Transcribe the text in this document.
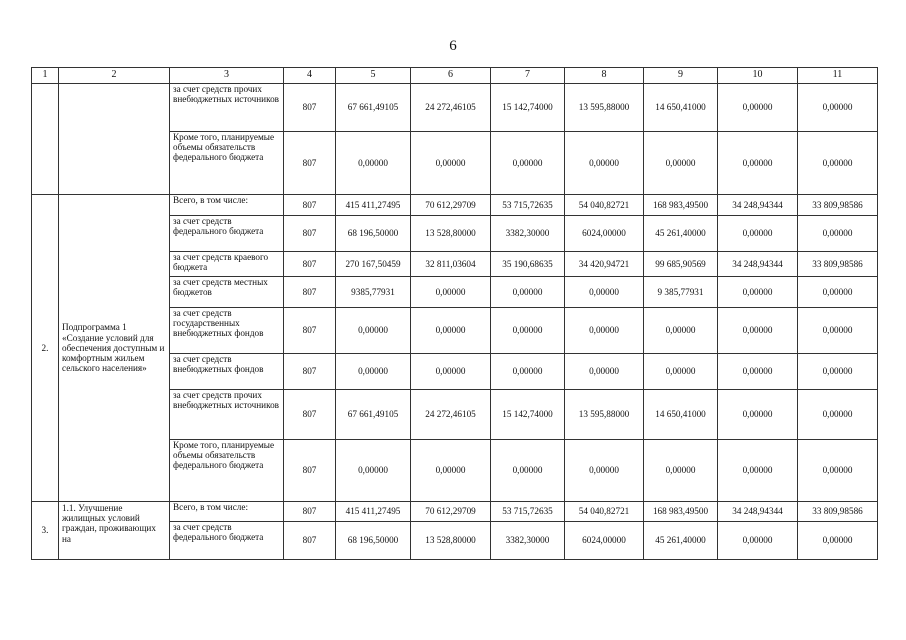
6
1	2	3	4	5	6	7	8	9	10	11
		за счет средств прочих внебюджетных источников	807	67 661,49105	24 272,46105	15 142,74000	13 595,88000	14 650,41000	0,00000	0,00000
		Кроме того, планируемые объемы обязательств федерального бюджета	807	0,00000	0,00000	0,00000	0,00000	0,00000	0,00000	0,00000
2.	Подпрограмма 1 «Создание условий для обеспечения доступным и комфортным жильем сельского населения»	Всего, в том числе:	807	415 411,27495	70 612,29709	53 715,72635	54 040,82721	168 983,49500	34 248,94344	33 809,98586
		за счет средств федерального бюджета	807	68 196,50000	13 528,80000	3382,30000	6024,00000	45 261,40000	0,00000	0,00000
		за счет средств краевого бюджета	807	270 167,50459	32 811,03604	35 190,68635	34 420,94721	99 685,90569	34 248,94344	33 809,98586
		за счет средств местных бюджетов	807	9385,77931	0,00000	0,00000	0,00000	9 385,77931	0,00000	0,00000
		за счет средств государственных внебюджетных фондов	807	0,00000	0,00000	0,00000	0,00000	0,00000	0,00000	0,00000
		за счет средств внебюджетных фондов	807	0,00000	0,00000	0,00000	0,00000	0,00000	0,00000	0,00000
		за счет средств прочих внебюджетных источников	807	67 661,49105	24 272,46105	15 142,74000	13 595,88000	14 650,41000	0,00000	0,00000
		Кроме того, планируемые объемы обязательств федерального бюджета	807	0,00000	0,00000	0,00000	0,00000	0,00000	0,00000	0,00000
3.	1.1. Улучшение жилищных условий граждан, проживающих на	Всего, в том числе:	807	415 411,27495	70 612,29709	53 715,72635	54 040,82721	168 983,49500	34 248,94344	33 809,98586
		за счет средств федерального бюджета	807	68 196,50000	13 528,80000	3382,30000	6024,00000	45 261,40000	0,00000	0,00000
